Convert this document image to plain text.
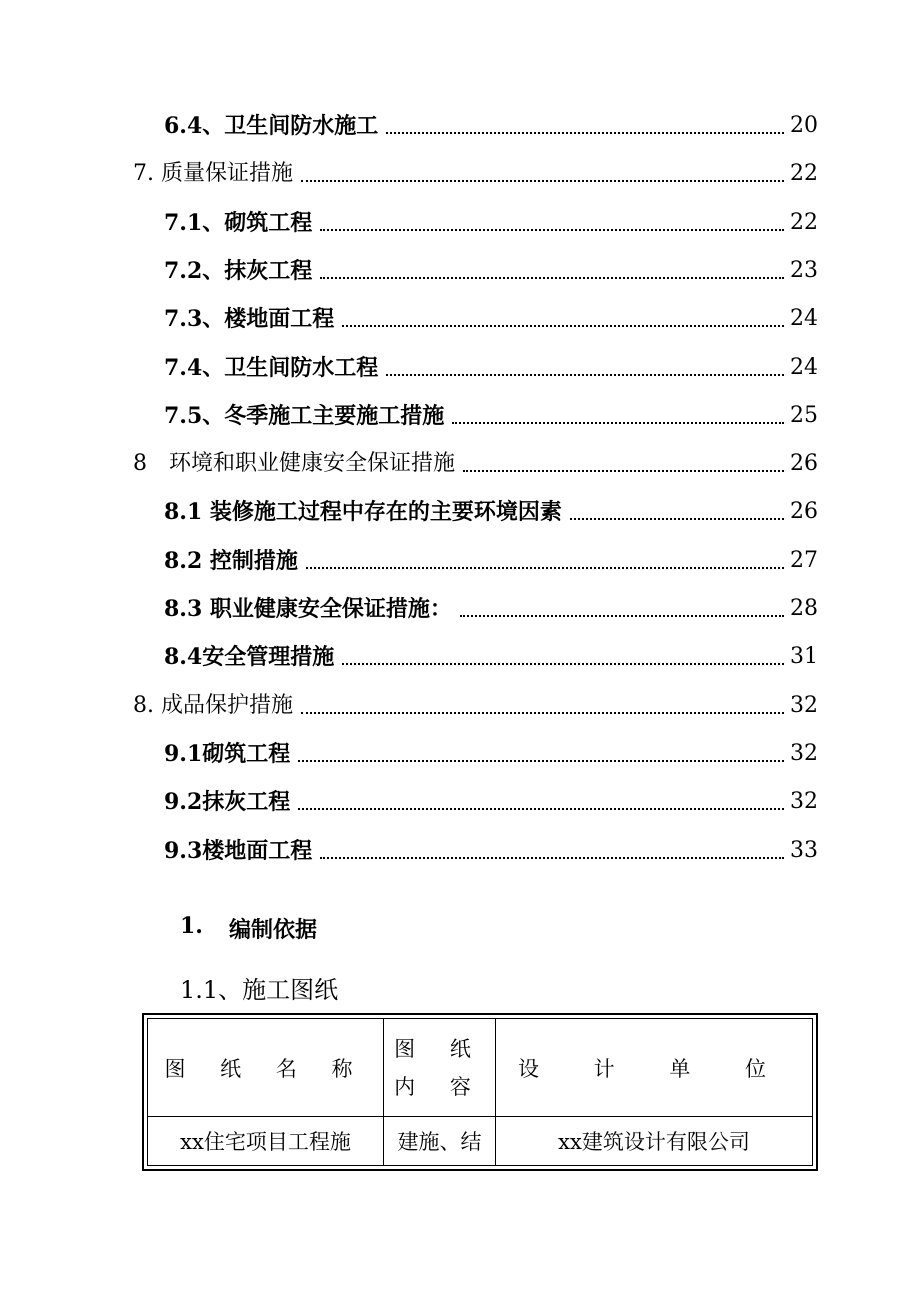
6.4、卫生间防水施工	20
7. 质量保证措施	22
7.1、砌筑工程	22
7.2、抹灰工程	23
7.3、楼地面工程	24
7.4、卫生间防水工程	24
7.5、冬季施工主要施工措施	25
8　环境和职业健康安全保证措施	26
8.1 装修施工过程中存在的主要环境因素	26
8.2 控制措施	27
8.3 职业健康安全保证措施：	28
8.4安全管理措施	31
8. 成品保护措施	32
9.1砌筑工程	32
9.2抹灰工程	32
9.3楼地面工程	33
1. 编制依据
1.1、施工图纸
图 纸 名 称	图 纸 内 容	设 计 单 位
xx住宅项目工程施	建施、结	xx建筑设计有限公司
